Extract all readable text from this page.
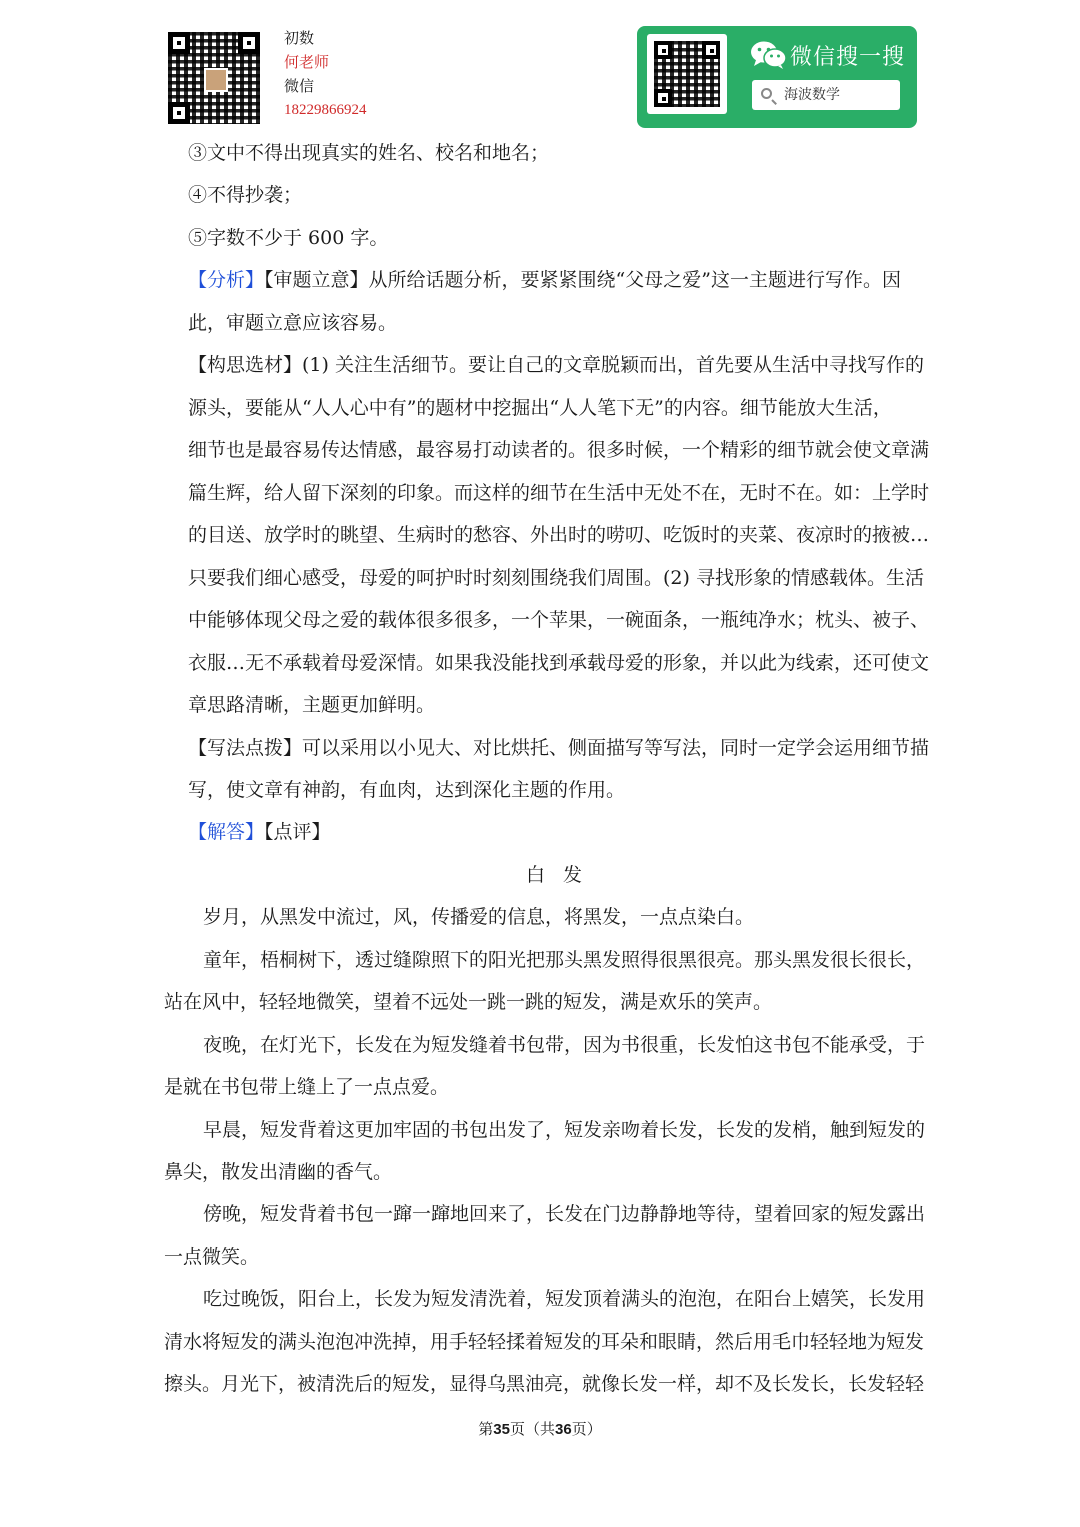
初数
何老师
微信
18229866924
微信搜一搜
海波数学
③文中不得出现真实的姓名、校名和地名；
④不得抄袭；
⑤字数不少于 600 字。
【分析】【审题立意】从所给话题分析，要紧紧围绕“父母之爱”这一主题进行写作。因
此，审题立意应该容易。
【构思选材】(1) 关注生活细节。要让自己的文章脱颖而出，首先要从生活中寻找写作的
源头，要能从“人人心中有”的题材中挖掘出“人人笔下无”的内容。细节能放大生活，
细节也是最容易传达情感，最容易打动读者的。很多时候，一个精彩的细节就会使文章满
篇生辉，给人留下深刻的印象。而这样的细节在生活中无处不在，无时不在。如：上学时
的目送、放学时的眺望、生病时的愁容、外出时的唠叨、吃饭时的夹菜、夜凉时的掖被…
只要我们细心感受，母爱的呵护时时刻刻围绕我们周围。(2) 寻找形象的情感载体。生活
中能够体现父母之爱的载体很多很多，一个苹果，一碗面条，一瓶纯净水；枕头、被子、
衣服…无不承载着母爱深情。如果我没能找到承载母爱的形象，并以此为线索，还可使文
章思路清晰，主题更加鲜明。
【写法点拨】可以采用以小见大、对比烘托、侧面描写等写法，同时一定学会运用细节描
写，使文章有神韵，有血肉，达到深化主题的作用。
【解答】【点评】
白发
岁月，从黑发中流过，风，传播爱的信息，将黑发，一点点染白。
童年，梧桐树下，透过缝隙照下的阳光把那头黑发照得很黑很亮。那头黑发很长很长，
站在风中，轻轻地微笑，望着不远处一跳一跳的短发，满是欢乐的笑声。
夜晚，在灯光下，长发在为短发缝着书包带，因为书很重，长发怕这书包不能承受，于
是就在书包带上缝上了一点点爱。
早晨，短发背着这更加牢固的书包出发了，短发亲吻着长发，长发的发梢，触到短发的
鼻尖，散发出清幽的香气。
傍晚，短发背着书包一蹿一蹿地回来了，长发在门边静静地等待，望着回家的短发露出
一点微笑。
吃过晚饭，阳台上，长发为短发清洗着，短发顶着满头的泡泡，在阳台上嬉笑，长发用
清水将短发的满头泡泡冲洗掉，用手轻轻揉着短发的耳朵和眼睛，然后用毛巾轻轻地为短发
擦头。月光下，被清洗后的短发，显得乌黑油亮，就像长发一样，却不及长发长，长发轻轻
第35页（共36页）
